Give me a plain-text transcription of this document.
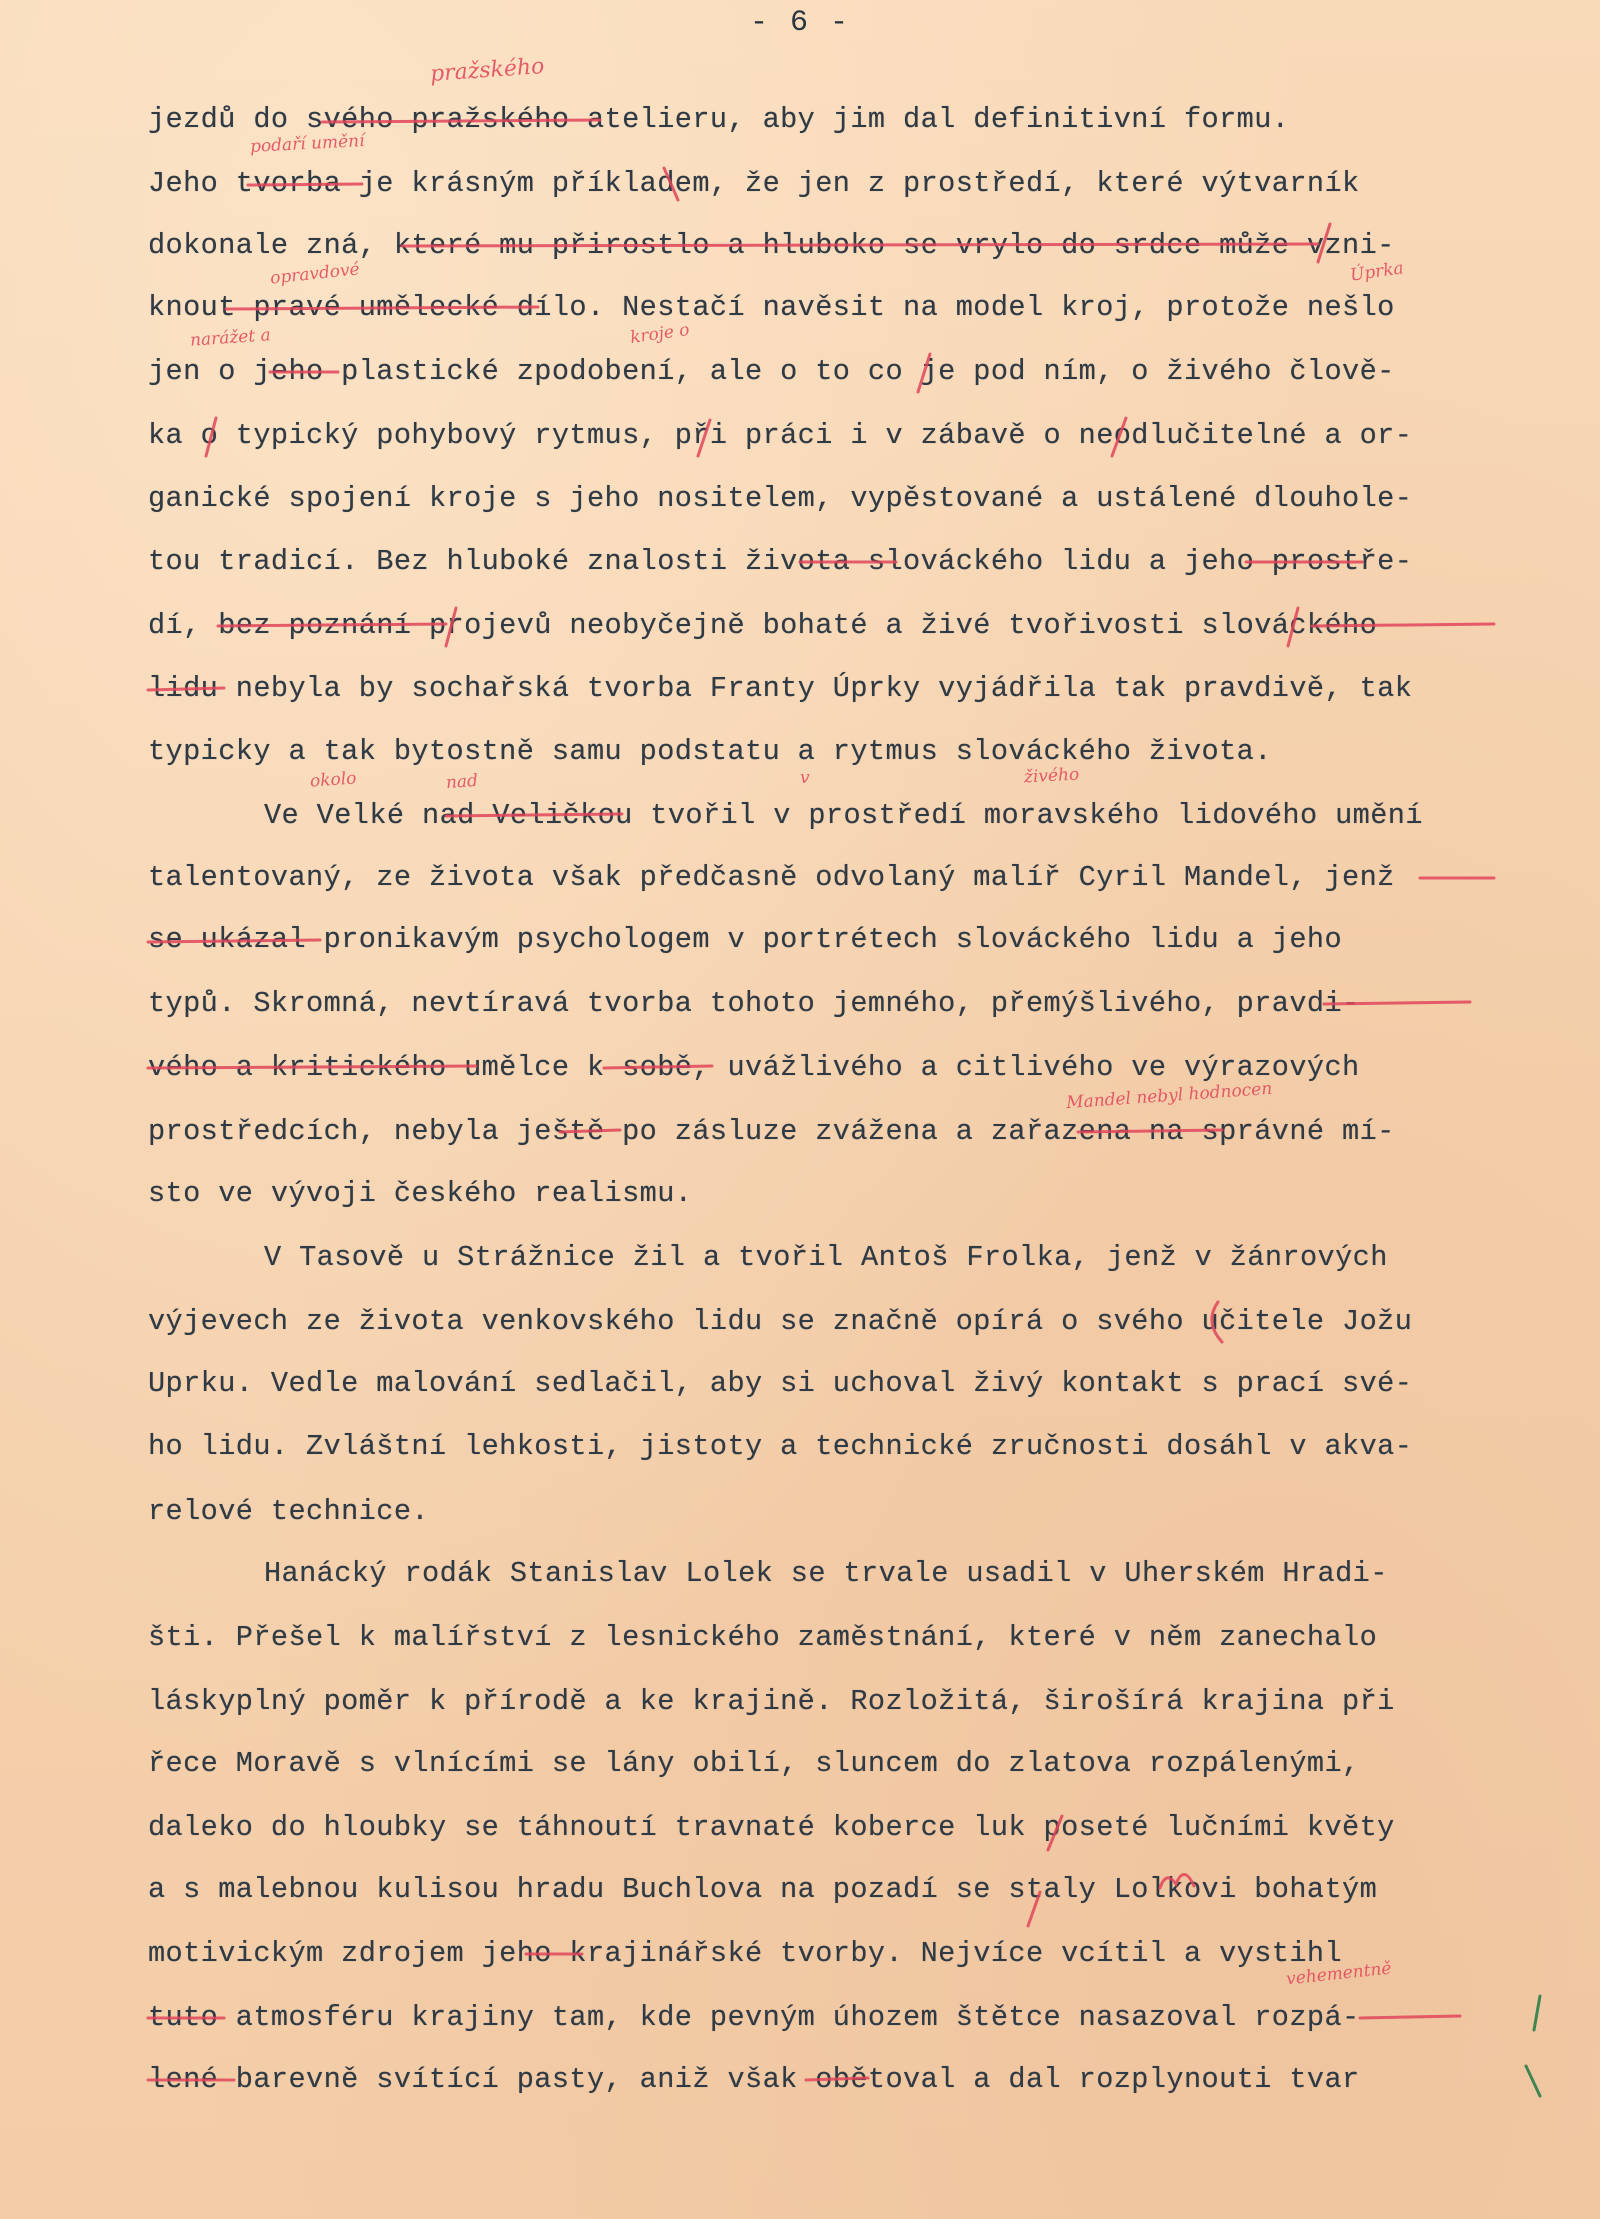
- 6 -
jezdů do svého pražského atelieru, aby jim dal definitivní formu.
Jeho tvorba je krásným příkladem, že jen z prostředí, které výtvarník
dokonale zná, které mu přirostlo a hluboko se vrylo do srdce může vzni-
knout pravé umělecké dílo. Nestačí navěsit na model kroj, protože nešlo
jen o jeho plastické zpodobení, ale o to co je pod ním, o živého člově-
ka o typický pohybový rytmus, při práci i v zábavě o neodlučitelné a or-
ganické spojení kroje s jeho nositelem, vypěstované a ustálené dlouhole-
tou tradicí. Bez hluboké znalosti života slováckého lidu a jeho prostře-
dí, bez poznání projevů neobyčejně bohaté a živé tvořivosti slováckého
lidu nebyla by sochařská tvorba Franty Úprky vyjádřila tak pravdivě, tak
typicky a tak bytostně samu podstatu a rytmus slováckého života.
Ve Velké nad Veličkou tvořil v prostředí moravského lidového umění
talentovaný, ze života však předčasně odvolaný malíř Cyril Mandel, jenž
se ukázal pronikavým psychologem v portrétech slováckého lidu a jeho
typů. Skromná, nevtíravá tvorba tohoto jemného, přemýšlivého, pravdi-
vého a kritického umělce k sobě, uvážlivého a citlivého ve výrazových
prostředcích, nebyla ještě po zásluze zvážena a zařazena na správné mí-
sto ve vývoji českého realismu.
V Tasově u Strážnice žil a tvořil Antoš Frolka, jenž v žánrových
výjevech ze života venkovského lidu se značně opírá o svého učitele Jožu
Uprku. Vedle malování sedlačil, aby si uchoval živý kontakt s prací své-
ho lidu. Zvláštní lehkosti, jistoty a technické zručnosti dosáhl v akva-
relové technice.
Hanácký rodák Stanislav Lolek se trvale usadil v Uherském Hradi-
šti. Přešel k malířství z lesnického zaměstnání, které v něm zanechalo
láskyplný poměr k přírodě a ke krajině. Rozložitá, širošírá krajina při
řece Moravě s vlnícími se lány obilí, sluncem do zlatova rozpálenými,
daleko do hloubky se táhnoutí travnaté koberce luk poseté lučními květy
a s malebnou kulisou hradu Buchlova na pozadí se staly Lolkovi bohatým
motivickým zdrojem jeho krajinářské tvorby. Nejvíce vcítil a vystihl
tuto atmosféru krajiny tam, kde pevným úhozem štětce nasazoval rozpá-
lené barevně svítící pasty, aniž však obětoval a dal rozplynouti tvar
pražského
podaří umění
opravdové	Úprka
narážet a	kroje o
okolo	nad	v	živého
Mandel nebyl hodnocen
vehementně
